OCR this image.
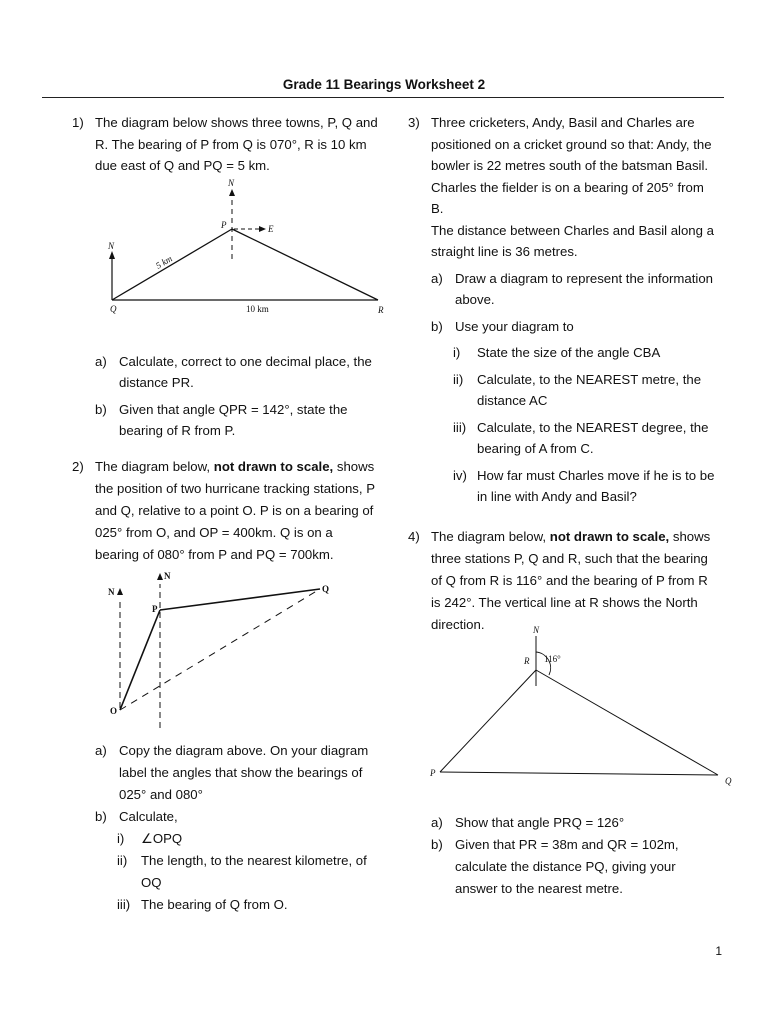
Grade 11 Bearings Worksheet 2
1) The diagram below shows three towns, P, Q and R. The bearing of P from Q is 070°, R is 10 km due east of Q and PQ = 5 km.
a) Calculate, correct to one decimal place, the distance PR.
b) Given that angle QPR = 142°, state the bearing of R from P.
2) The diagram below, not drawn to scale, shows the position of two hurricane tracking stations, P and Q, relative to a point O. P is on a bearing of 025° from O, and OP = 400km. Q is on a bearing of 080° from P and PQ = 700km.
a) Copy the diagram above. On your diagram label the angles that show the bearings of 025° and 080°
b) Calculate,
i) ∠OPQ
ii) The length, to the nearest kilometre, of OQ
iii) The bearing of Q from O.
3) Three cricketers, Andy, Basil and Charles are positioned on a cricket ground so that: Andy, the bowler is 22 metres south of the batsman Basil.
Charles the fielder is on a bearing of 205° from B.
The distance between Charles and Basil along a straight line is 36 metres.
a) Draw a diagram to represent the information above.
b) Use your diagram to
i) State the size of the angle CBA
ii) Calculate, to the NEAREST metre, the distance AC
iii) Calculate, to the NEAREST degree, the bearing of A from C.
iv) How far must Charles move if he is to be in line with Andy and Basil?
4) The diagram below, not drawn to scale, shows three stations P, Q and R, such that the bearing of Q from R is 116° and the bearing of P from R is 242°. The vertical line at R shows the North direction.
a) Show that angle PRQ = 126°
b) Given that PR = 38m and QR = 102m, calculate the distance PQ, giving your answer to the nearest metre.
N
N
E
P
Q	R
5 km
10 km
N
N
P
Q
O
N
116°
R
P
Q
1
